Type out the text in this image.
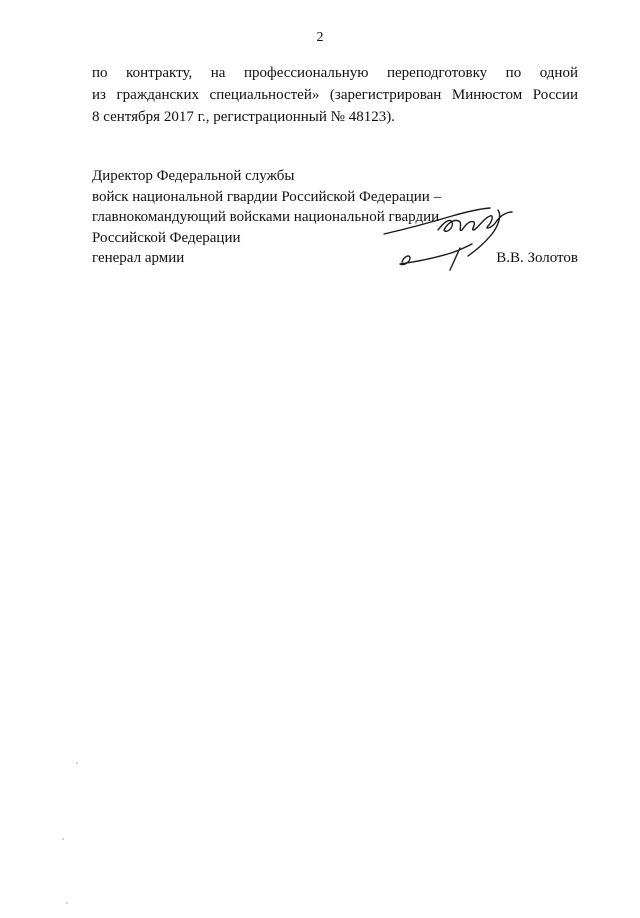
2
по контракту, на профессиональную переподготовку по одной
из гражданских специальностей» (зарегистрирован Минюстом России
8 сентября 2017 г., регистрационный № 48123).
Директор Федеральной службы
войск национальной гвардии Российской Федерации –
главнокомандующий войсками национальной гвардии
Российской Федерации
генерал армии	В.В. Золотов
